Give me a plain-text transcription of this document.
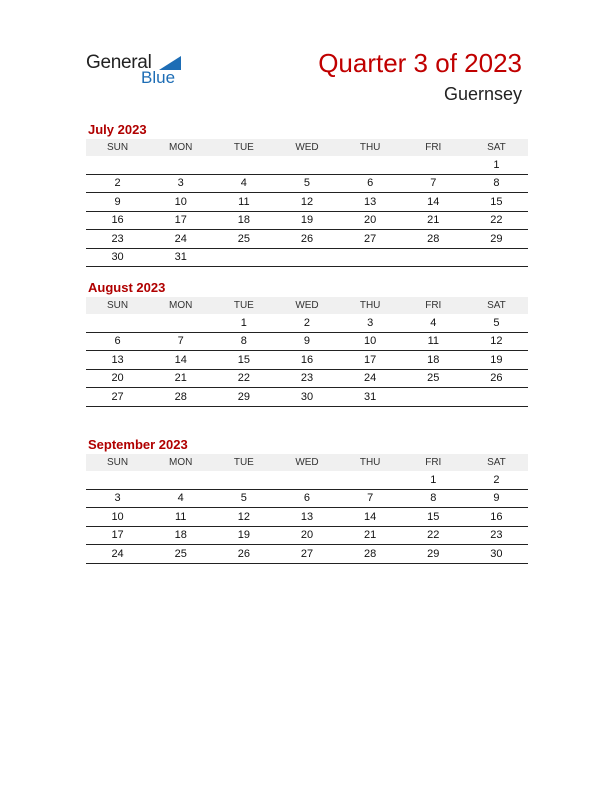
General
Blue	Quarter 3 of 2023
Guernsey
July 2023
SUN	MON	TUE	WED	THU	FRI	SAT
						1
2	3	4	5	6	7	8
9	10	11	12	13	14	15
16	17	18	19	20	21	22
23	24	25	26	27	28	29
30	31					
August 2023
SUN	MON	TUE	WED	THU	FRI	SAT
		1	2	3	4	5
6	7	8	9	10	11	12
13	14	15	16	17	18	19
20	21	22	23	24	25	26
27	28	29	30	31		
September 2023
SUN	MON	TUE	WED	THU	FRI	SAT
					1	2
3	4	5	6	7	8	9
10	11	12	13	14	15	16
17	18	19	20	21	22	23
24	25	26	27	28	29	30
